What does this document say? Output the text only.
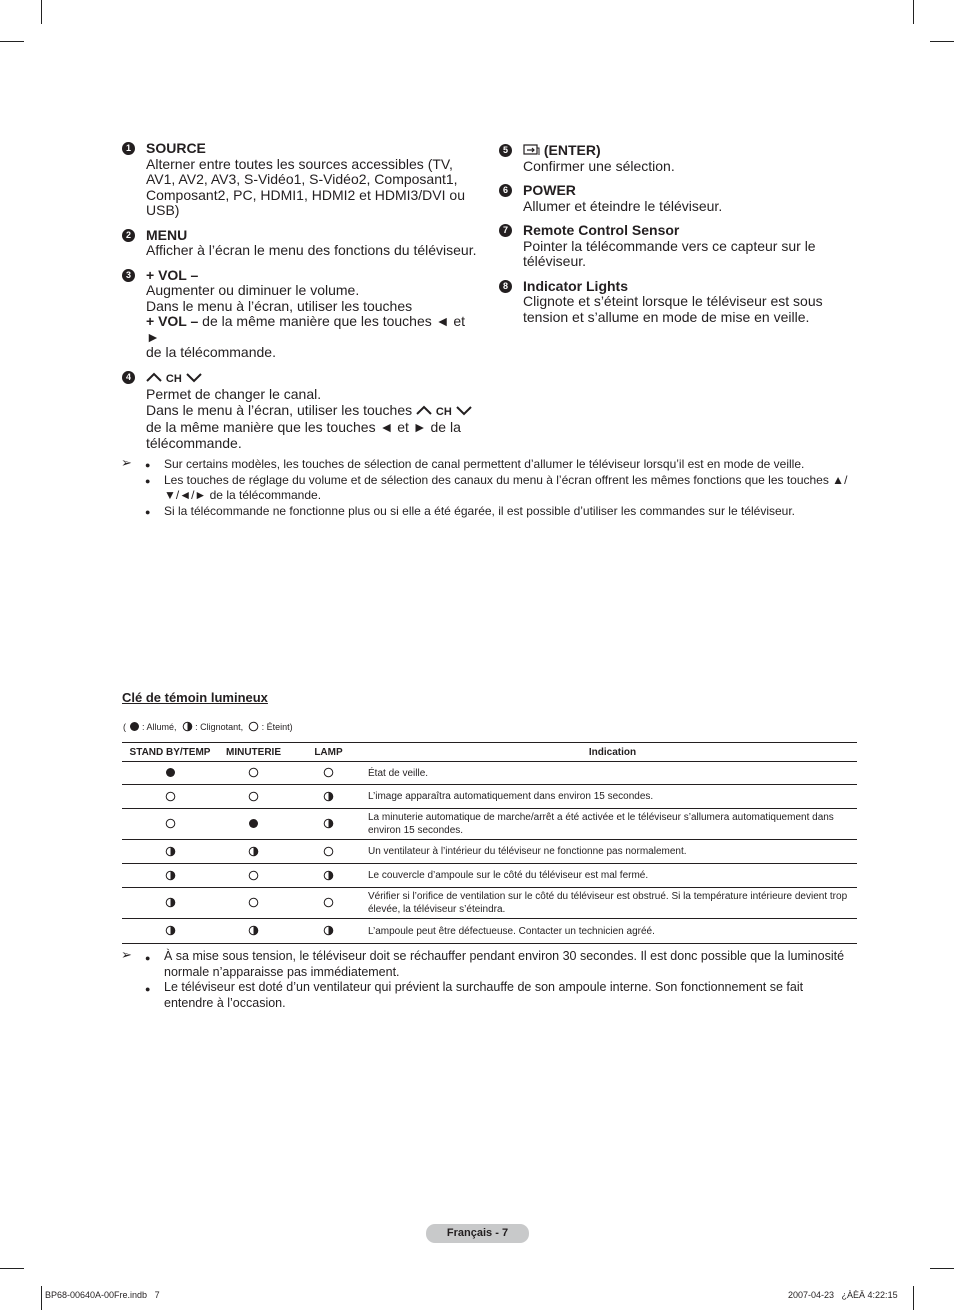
1 SOURCE
Alterner entre toutes les sources accessibles (TV,
AV1, AV2, AV3, S-Vidéo1, S-Vidéo2, Composant1,
Composant2, PC, HDMI1, HDMI2 et HDMI3/DVI ou
USB)
2 MENU
Afficher à l’écran le menu des fonctions du téléviseur.
3 + VOL –
Augmenter ou diminuer le volume.
Dans le menu à l’écran, utiliser les touches
+ VOL – de la même manière que les touches ◄ et ►
de la télécommande.
4	CH
Permet de changer le canal.
Dans le menu à l’écran, utiliser les touches  CH
de la même manière que les touches ◄ et ► de la
télécommande.
5	(ENTER)
Confirmer une sélection.
6 POWER
Allumer et éteindre le téléviseur.
7 Remote Control Sensor
Pointer la télécommande vers ce capteur sur le
téléviseur.
8 Indicator Lights
Clignote et s’éteint lorsque le téléviseur est sous
tension et s’allume en mode de mise en veille.
➢	● Sur certains modèles, les touches de sélection de canal permettent d’allumer le téléviseur lorsqu’il est en mode de veille.
● Les touches de réglage du volume et de sélection des canaux du menu à l’écran offrent les mêmes fonctions que les touches ▲/▼/◄/► de la télécommande.
● Si la télécommande ne fonctionne plus ou si elle a été égarée, il est possible d’utiliser les commandes sur le téléviseur.
Clé de témoin lumineux
(

: Allumé,

: Clignotant,

: Éteint)
STAND BY/TEMP	MINUTERIE	LAMP	Indication
			État de veille.
			L’image apparaîtra automatiquement dans environ 15 secondes.
			La minuterie automatique de marche/arrêt a été activée et le téléviseur s’allumera automatiquement dans environ 15 secondes.
			Un ventilateur à l’intérieur du téléviseur ne fonctionne pas normalement.
			Le couvercle d’ampoule sur le côté du téléviseur est mal fermé.
			Vérifier si l’orifice de ventilation sur le côté du téléviseur est obstrué. Si la température intérieure devient trop élevée, la téléviseur s’éteindra.
			L’ampoule peut être défectueuse. Contacter un technicien agréé.
➢	● À sa mise sous tension, le téléviseur doit se réchauffer pendant environ 30 secondes. Il est donc possible que la luminosité normale n’apparaisse pas immédiatement.
● Le téléviseur est doté d’un ventilateur qui prévient la surchauffe de son ampoule interne. Son fonctionnement se fait entendre à l’occasion.
Français - 7
BP68-00640A-00Fre.indb   7	2007-04-23   ¿ÀÈÄ 4:22:15
